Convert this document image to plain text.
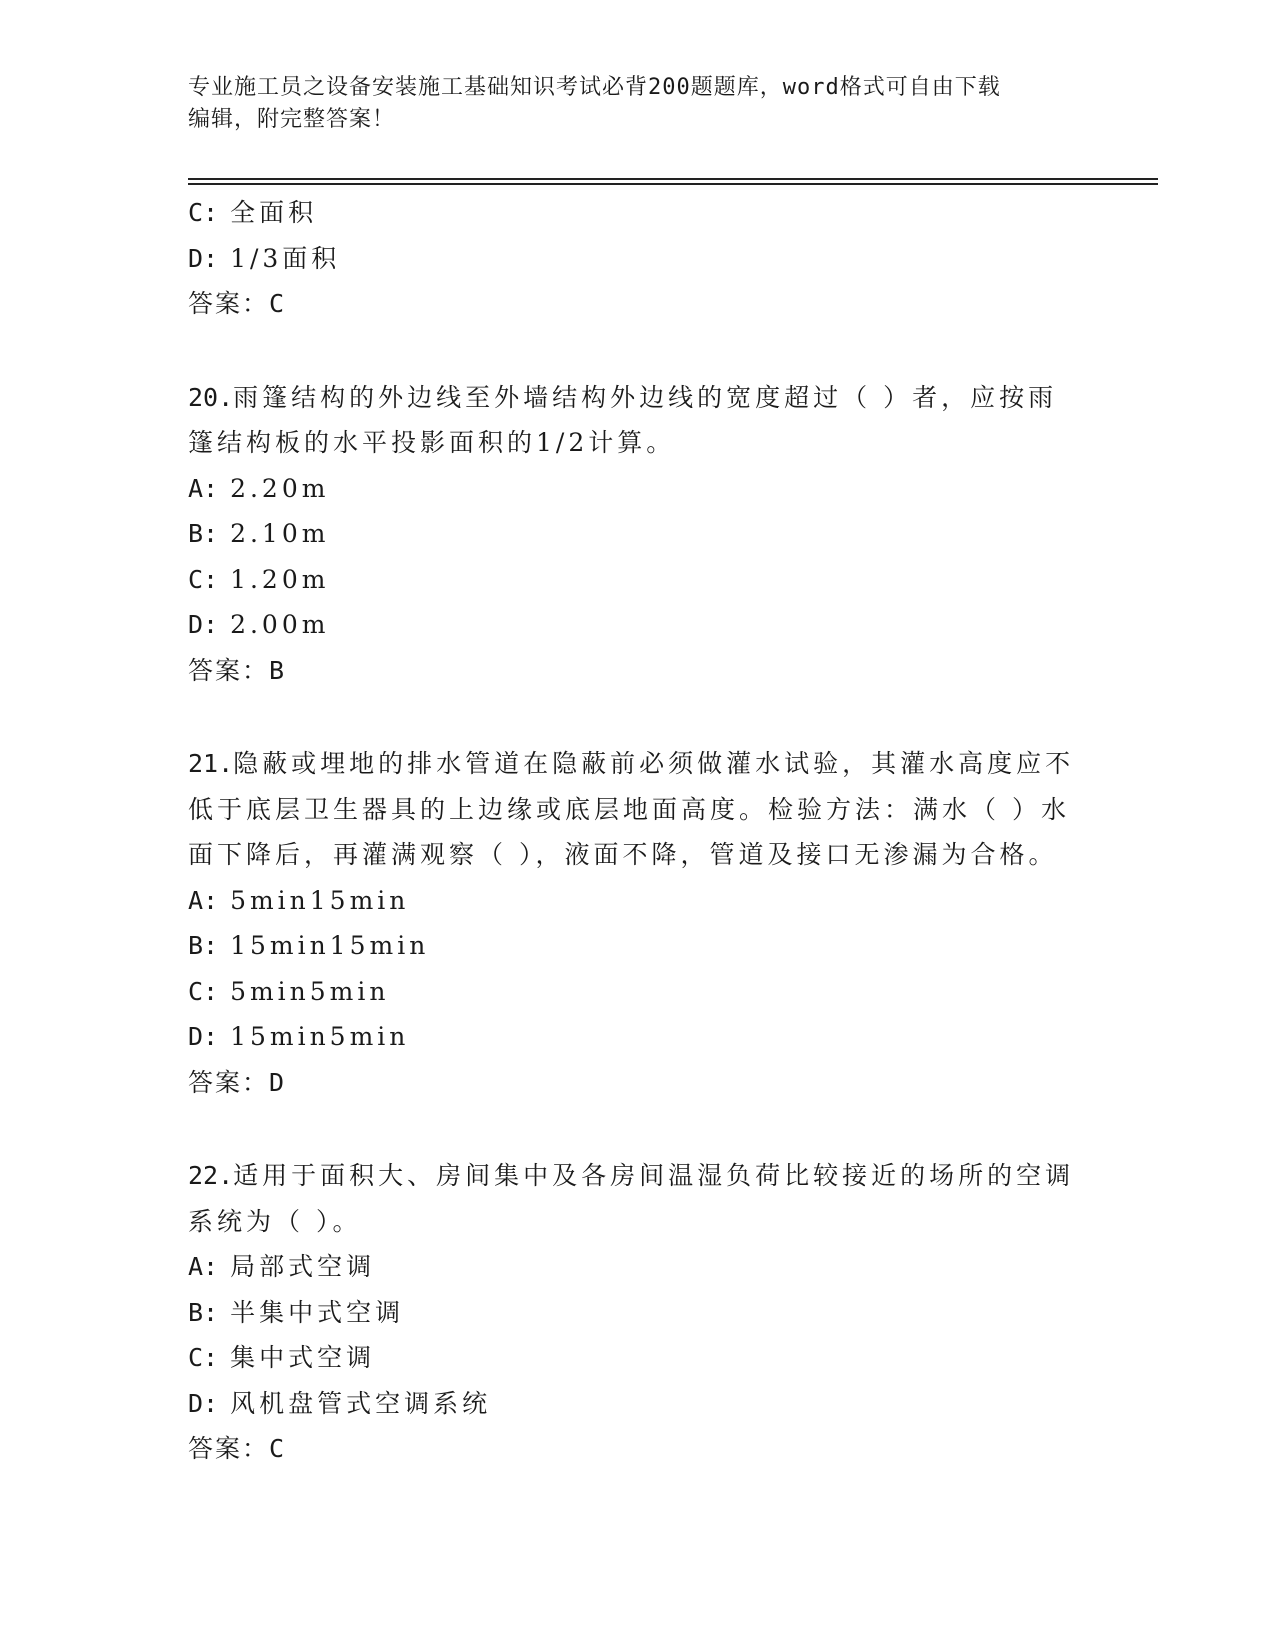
专业施工员之设备安装施工基础知识考试必背200题题库，word格式可自由下载
编辑，附完整答案！
C: 全面积
D: 1/3面积
答案：C
20.雨篷结构的外边线至外墙结构外边线的宽度超过（ ）者，应按雨
篷结构板的水平投影面积的1/2计算。
A: 2.20m
B: 2.10m
C: 1.20m
D: 2.00m
答案：B
21.隐蔽或埋地的排水管道在隐蔽前必须做灌水试验，其灌水高度应不
低于底层卫生器具的上边缘或底层地面高度。检验方法：满水（ ）水
面下降后，再灌满观察（ ），液面不降，管道及接口无渗漏为合格。
A: 5min15min
B: 15min15min
C: 5min5min
D: 15min5min
答案：D
22.适用于面积大、房间集中及各房间温湿负荷比较接近的场所的空调
系统为（ ）。
A: 局部式空调
B: 半集中式空调
C: 集中式空调
D: 风机盘管式空调系统
答案：C
